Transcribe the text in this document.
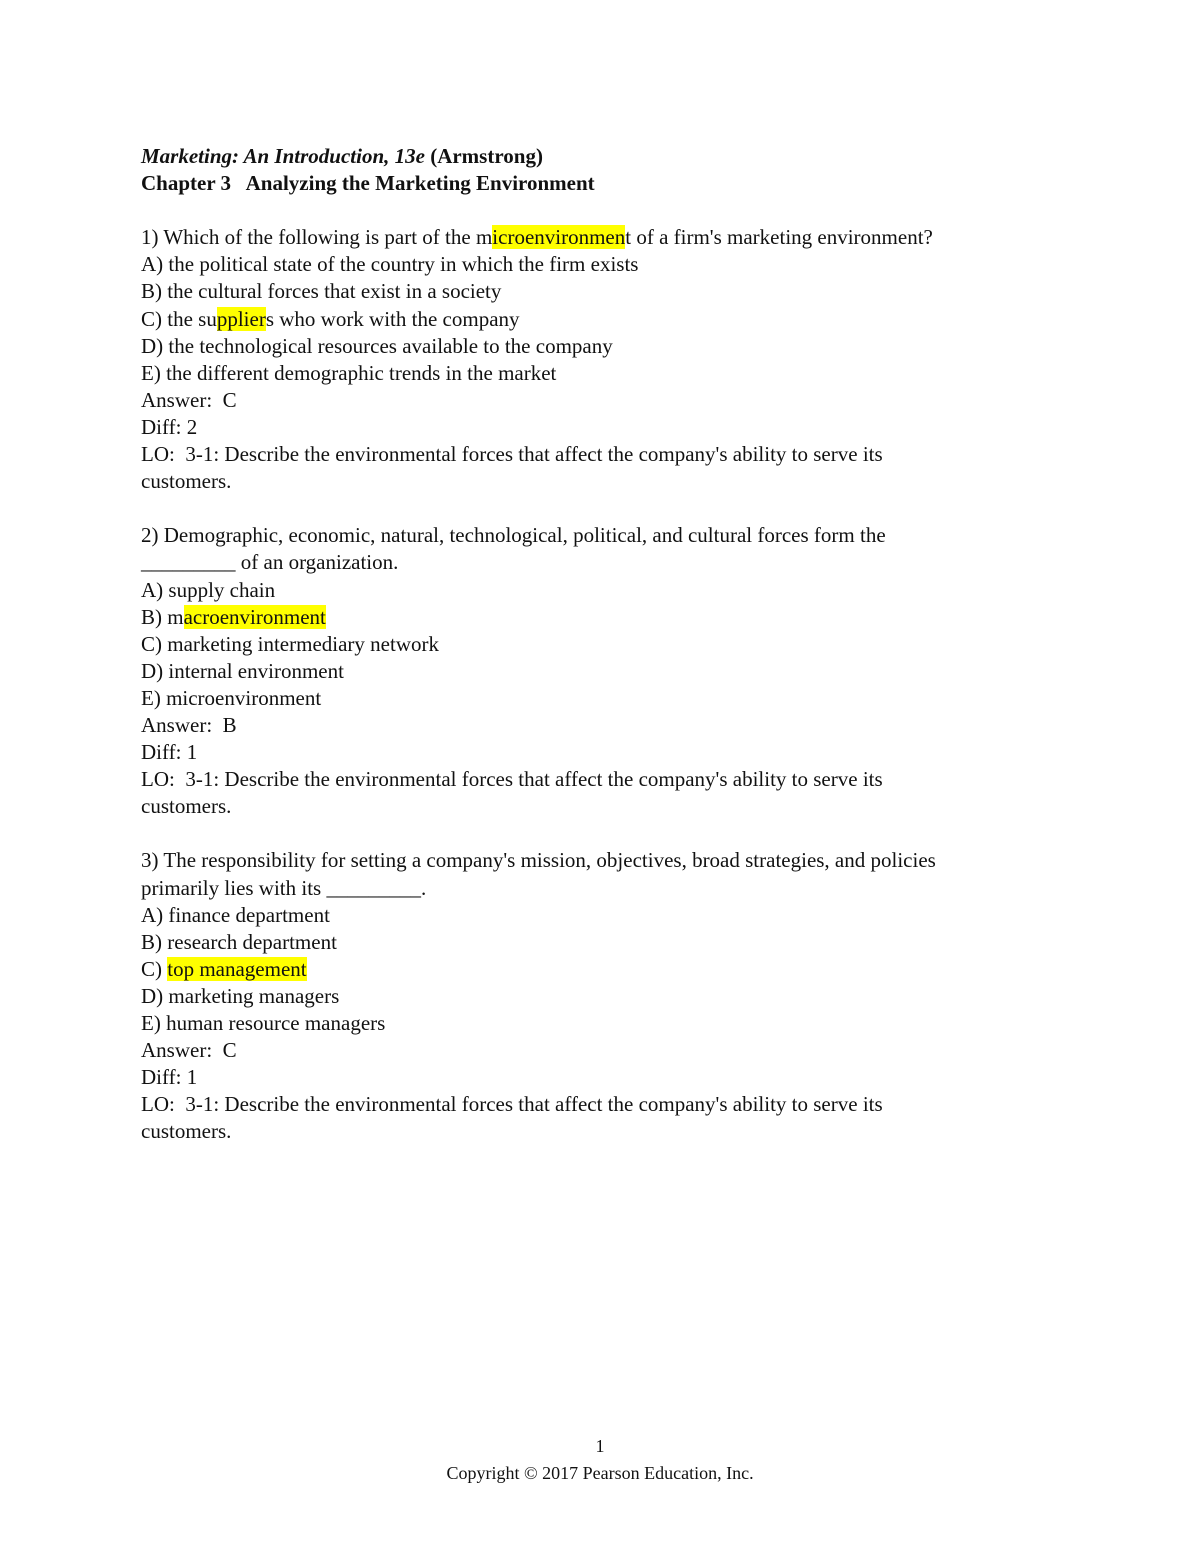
Marketing: An Introduction, 13e (Armstrong)
Chapter 3   Analyzing the Marketing Environment
1) Which of the following is part of the microenvironment of a firm's marketing environment?
A) the political state of the country in which the firm exists
B) the cultural forces that exist in a society
C) the suppliers who work with the company
D) the technological resources available to the company
E) the different demographic trends in the market
Answer:  C
Diff: 2
LO:  3-1: Describe the environmental forces that affect the company's ability to serve its
customers.
2) Demographic, economic, natural, technological, political, and cultural forces form the
_________ of an organization.
A) supply chain
B) macroenvironment
C) marketing intermediary network
D) internal environment
E) microenvironment
Answer:  B
Diff: 1
LO:  3-1: Describe the environmental forces that affect the company's ability to serve its
customers.
3) The responsibility for setting a company's mission, objectives, broad strategies, and policies
primarily lies with its _________.
A) finance department
B) research department
C) top management
D) marketing managers
E) human resource managers
Answer:  C
Diff: 1
LO:  3-1: Describe the environmental forces that affect the company's ability to serve its
customers.
1
Copyright © 2017 Pearson Education, Inc.
